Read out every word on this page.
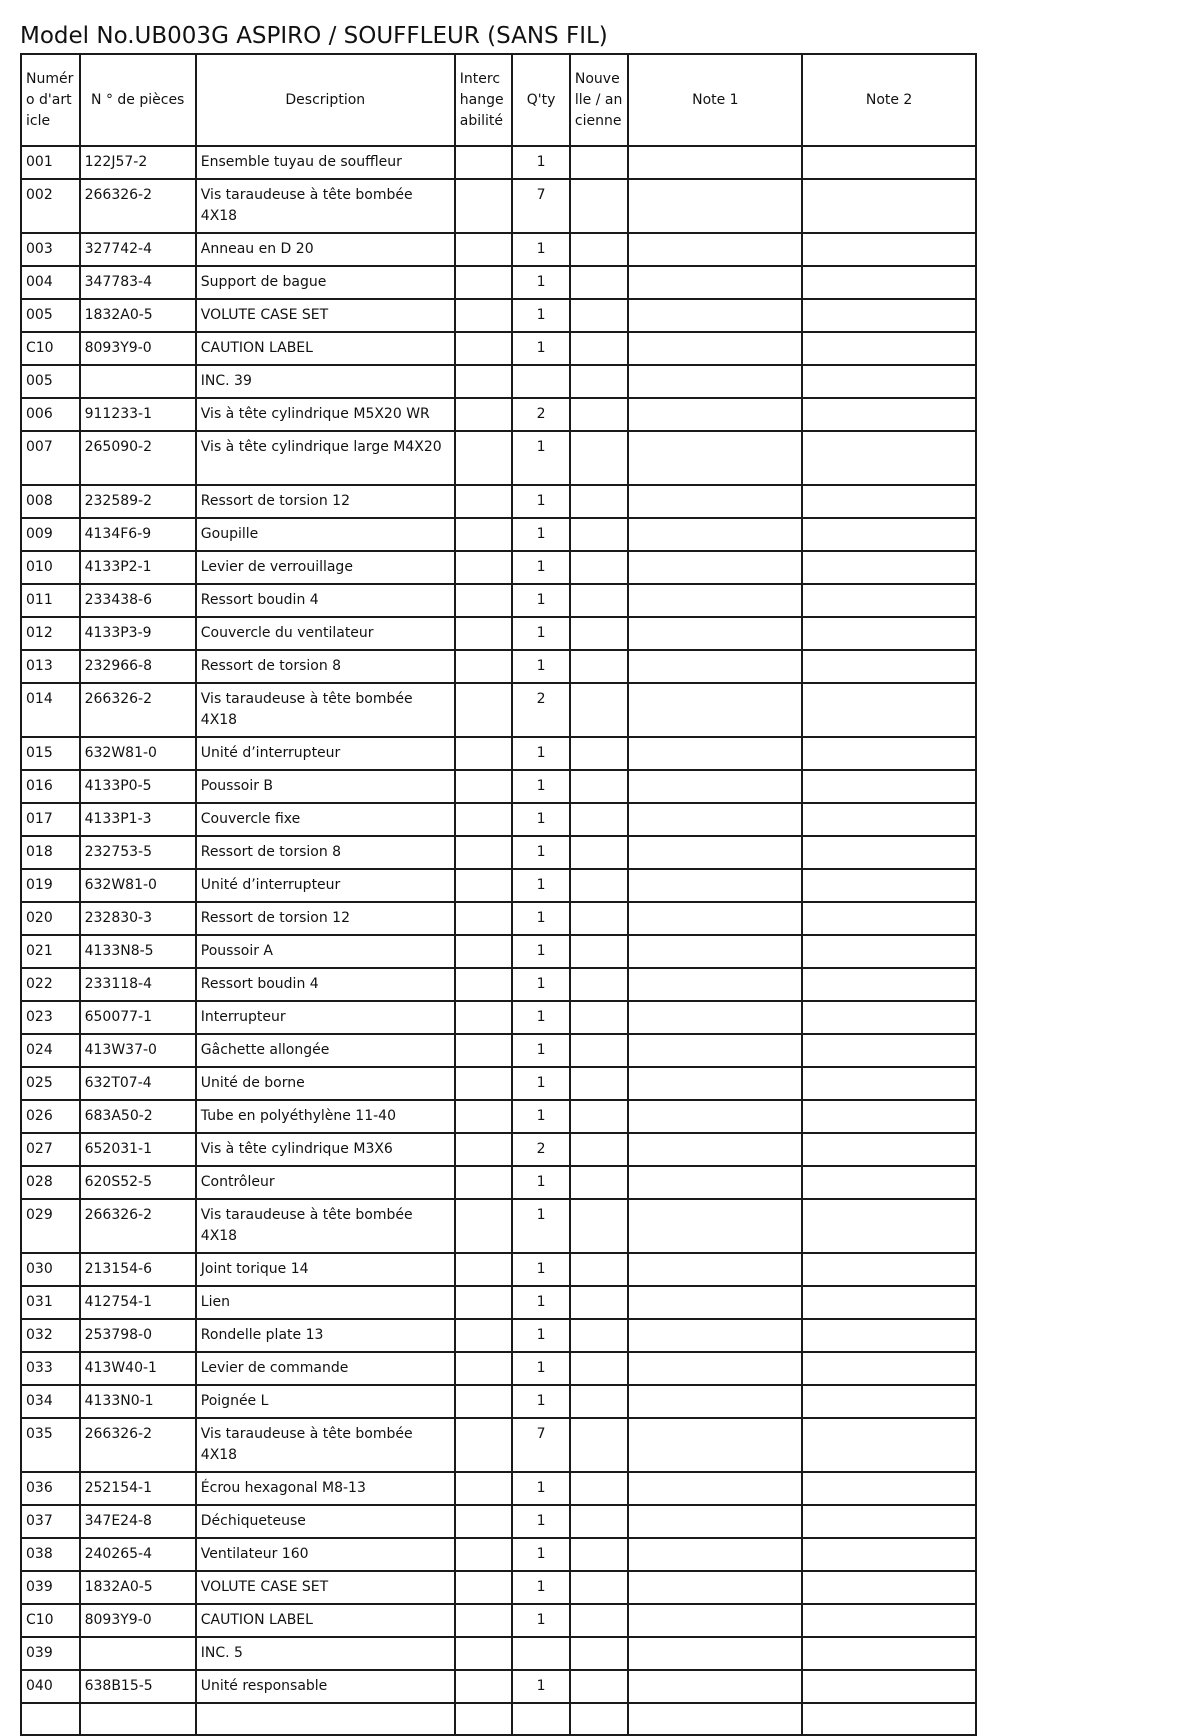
Model No.UB003G ASPIRO / SOUFFLEUR (SANS FIL)
Numéro d'article	N ° de pièces	Description	Interchangeabilité	Q'ty	Nouvelle / ancienne	Note 1	Note 2
001	122J57-2	Ensemble tuyau de souffleur		1			
002	266326-2	Vis taraudeuse à tête bombée 4X18		7			
003	327742-4	Anneau en D 20		1			
004	347783-4	Support de bague		1			
005	1832A0-5	VOLUTE CASE SET		1			
C10	8093Y9-0	CAUTION LABEL		1			
005		INC. 39					
006	911233-1	Vis à tête cylindrique M5X20 WR		2			
007	265090-2	Vis à tête cylindrique large M4X20		1			
008	232589-2	Ressort de torsion 12		1			
009	4134F6-9	Goupille		1			
010	4133P2-1	Levier de verrouillage		1			
011	233438-6	Ressort boudin 4		1			
012	4133P3-9	Couvercle du ventilateur		1			
013	232966-8	Ressort de torsion 8		1			
014	266326-2	Vis taraudeuse à tête bombée 4X18		2			
015	632W81-0	Unité d’interrupteur		1			
016	4133P0-5	Poussoir B		1			
017	4133P1-3	Couvercle fixe		1			
018	232753-5	Ressort de torsion 8		1			
019	632W81-0	Unité d’interrupteur		1			
020	232830-3	Ressort de torsion 12		1			
021	4133N8-5	Poussoir A		1			
022	233118-4	Ressort boudin 4		1			
023	650077-1	Interrupteur		1			
024	413W37-0	Gâchette allongée		1			
025	632T07-4	Unité de borne		1			
026	683A50-2	Tube en polyéthylène 11-40		1			
027	652031-1	Vis à tête cylindrique M3X6		2			
028	620S52-5	Contrôleur		1			
029	266326-2	Vis taraudeuse à tête bombée 4X18		1			
030	213154-6	Joint torique 14		1			
031	412754-1	Lien		1			
032	253798-0	Rondelle plate 13		1			
033	413W40-1	Levier de commande		1			
034	4133N0-1	Poignée L		1			
035	266326-2	Vis taraudeuse à tête bombée 4X18		7			
036	252154-1	Écrou hexagonal M8-13		1			
037	347E24-8	Déchiqueteuse		1			
038	240265-4	Ventilateur 160		1			
039	1832A0-5	VOLUTE CASE SET		1			
C10	8093Y9-0	CAUTION LABEL		1			
039		INC. 5					
040	638B15-5	Unité responsable		1			
